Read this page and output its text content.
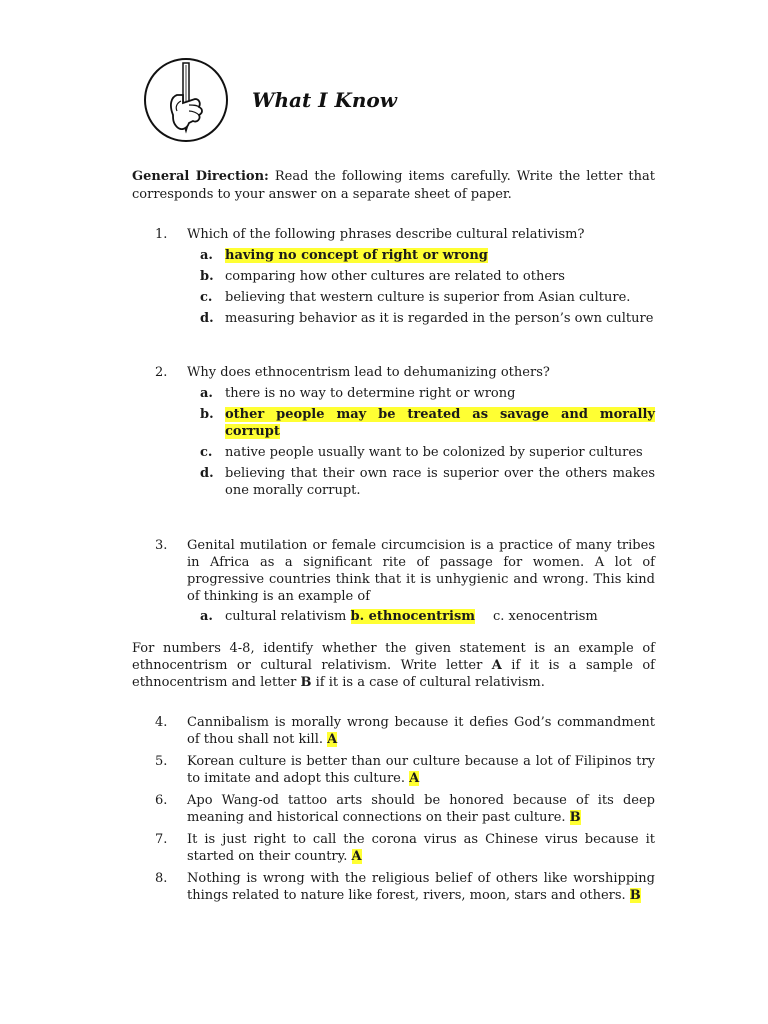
What I Know
General Direction: Read the following items carefully. Write the letter that corresponds to your answer on a separate sheet of paper.
1. Which of the following phrases describe cultural relativism?
a. having no concept of right or wrong
b. comparing how other cultures are related to others
c. believing that western culture is superior from Asian culture.
d. measuring behavior as it is regarded in the person’s own culture
2. Why does ethnocentrism lead to dehumanizing others?
a. there is no way to determine right or wrong
b. other people may be treated as savage and morally corrupt
c. native people usually want to be colonized by superior cultures
d. believing that their own race is superior over the others makes one morally corrupt.
3. Genital mutilation or female circumcision is a practice of many tribes in Africa as a significant rite of passage for women. A lot of progressive countries think that it is unhygienic and wrong. This kind of thinking is an example of
a. cultural relativism b. ethnocentrism c. xenocentrism
For numbers 4-8, identify whether the given statement is an example of ethnocentrism or cultural relativism. Write letter A if it is a sample of ethnocentrism and letter B if it is a case of cultural relativism.
4. Cannibalism is morally wrong because it defies God’s commandment of thou shall not kill. A
5. Korean culture is better than our culture because a lot of Filipinos try to imitate and adopt this culture. A
6. Apo Wang-od tattoo arts should be honored because of its deep meaning and historical connections on their past culture. B
7. It is just right to call the corona virus as Chinese virus because it started on their country. A
8. Nothing is wrong with the religious belief of others like worshipping things related to nature like forest, rivers, moon, stars and others. B
